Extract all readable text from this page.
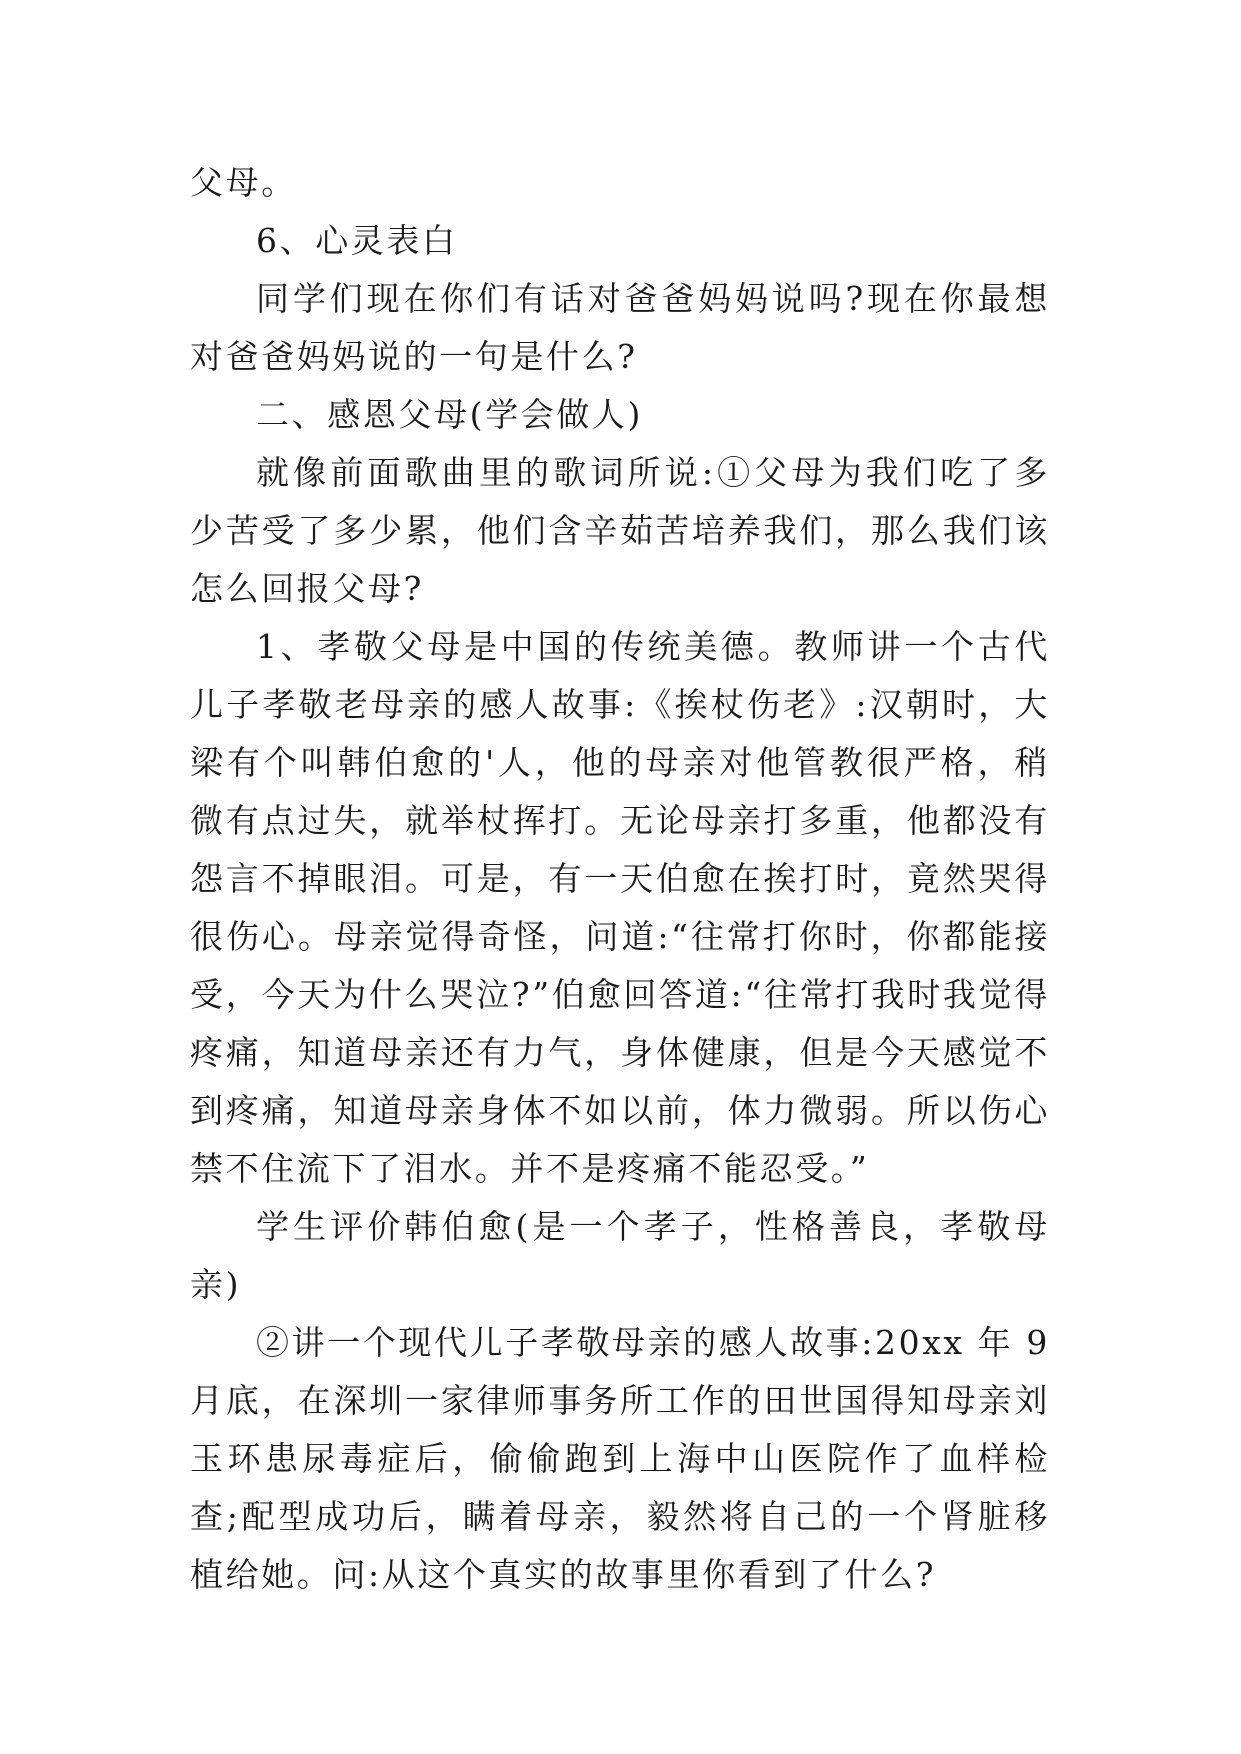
父母。

6、心灵表白

同学们现在你们有话对爸爸妈妈说吗?现在你最想对爸爸妈妈说的一句是什么?

二、感恩父母(学会做人)

就像前面歌曲里的歌词所说:①父母为我们吃了多少苦受了多少累，他们含辛茹苦培养我们，那么我们该怎么回报父母?

1、孝敬父母是中国的传统美德。教师讲一个古代儿子孝敬老母亲的感人故事:《挨杖伤老》:汉朝时，大梁有个叫韩伯愈的'人，他的母亲对他管教很严格，稍微有点过失，就举杖挥打。无论母亲打多重，他都没有怨言不掉眼泪。可是，有一天伯愈在挨打时，竟然哭得很伤心。母亲觉得奇怪，问道:“往常打你时，你都能接受，今天为什么哭泣?”伯愈回答道:“往常打我时我觉得疼痛，知道母亲还有力气，身体健康，但是今天感觉不到疼痛，知道母亲身体不如以前，体力微弱。所以伤心禁不住流下了泪水。并不是疼痛不能忍受。”

学生评价韩伯愈(是一个孝子，性格善良，孝敬母亲)

②讲一个现代儿子孝敬母亲的感人故事:20xx 年 9 月底，在深圳一家律师事务所工作的田世国得知母亲刘玉环患尿毒症后，偷偷跑到上海中山医院作了血样检查;配型成功后，瞒着母亲，毅然将自己的一个肾脏移植给她。问:从这个真实的故事里你看到了什么?
